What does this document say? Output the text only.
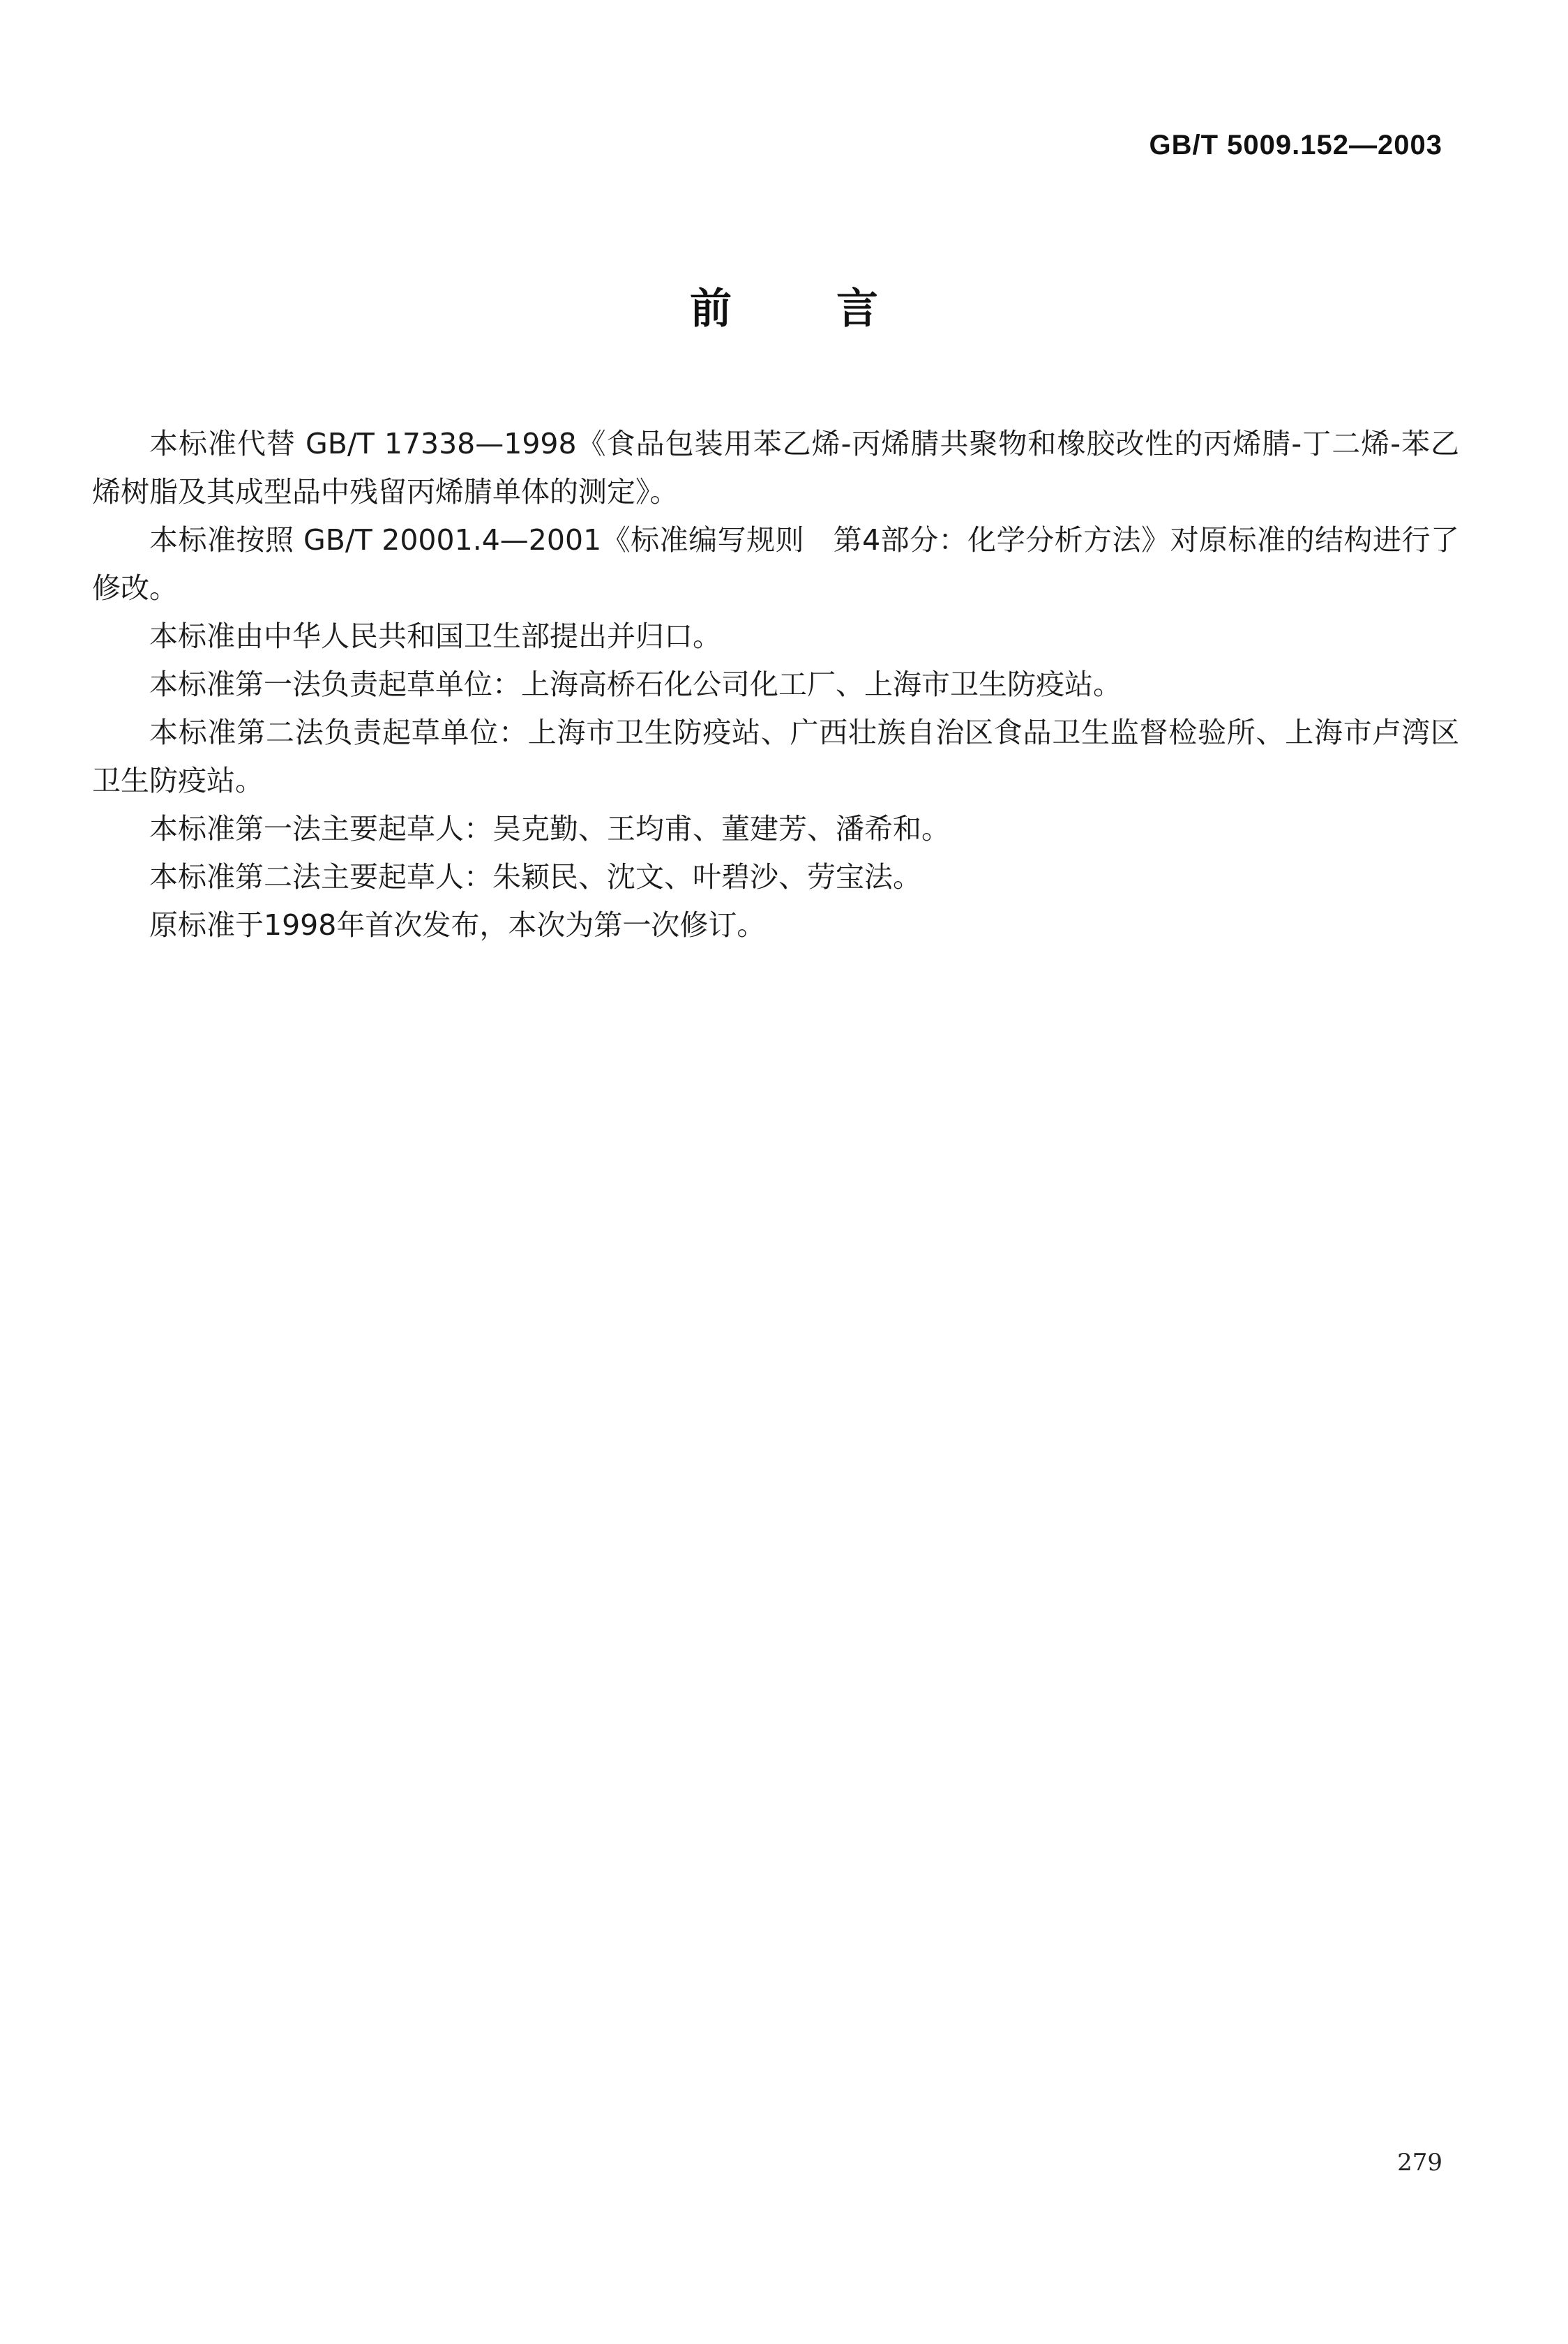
GB/T 5009.152—2003
前言

本标准代替 GB/T 17338—1998《食品包装用苯乙烯-丙烯腈共聚物和橡胶改性的丙烯腈-丁二烯-苯乙烯树脂及其成型品中残留丙烯腈单体的测定》。

本标准按照 GB/T 20001.4—2001《标准编写规则　第4部分：化学分析方法》对原标准的结构进行了修改。

本标准由中华人民共和国卫生部提出并归口。

本标准第一法负责起草单位：上海高桥石化公司化工厂、上海市卫生防疫站。

本标准第二法负责起草单位：上海市卫生防疫站、广西壮族自治区食品卫生监督检验所、上海市卢湾区卫生防疫站。

本标准第一法主要起草人：吴克勤、王均甫、董建芳、潘希和。

本标准第二法主要起草人：朱颖民、沈文、叶碧沙、劳宝法。

原标准于1998年首次发布，本次为第一次修订。

279
